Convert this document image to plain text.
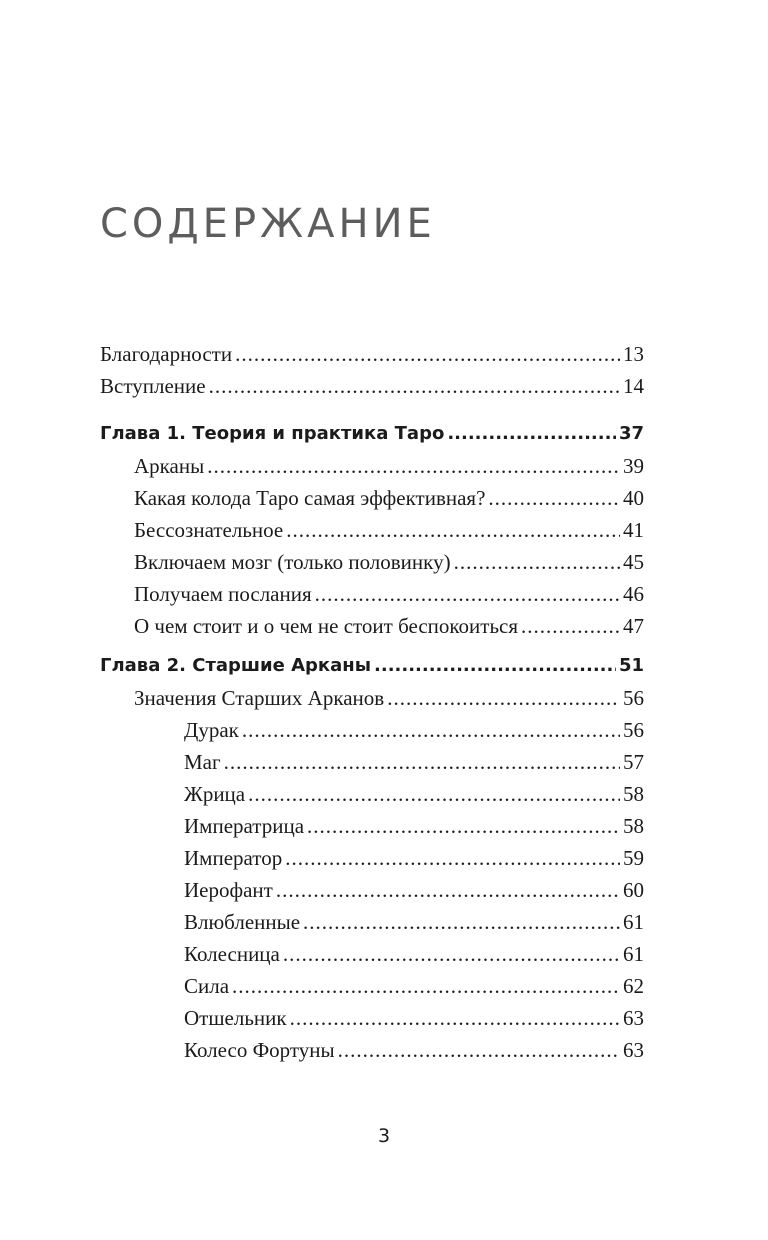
СОДЕРЖАНИЕ
Благодарности .....	13
Вступление .....	14
Глава 1. Теория и практика Таро .....	37
Арканы .....	39
Какая колода Таро самая эффективная? .....	40
Бессознательное .....	41
Включаем мозг (только половинку) .....	45
Получаем послания .....	46
О чем стоит и о чем не стоит беспокоиться .....	47
Глава 2. Старшие Арканы .....	51
Значения Старших Арканов .....	56
Дурак .....	56
Маг .....	57
Жрица .....	58
Императрица .....	58
Император .....	59
Иерофант .....	60
Влюбленные .....	61
Колесница .....	61
Сила .....	62
Отшельник .....	63
Колесо Фортуны .....	63
3
